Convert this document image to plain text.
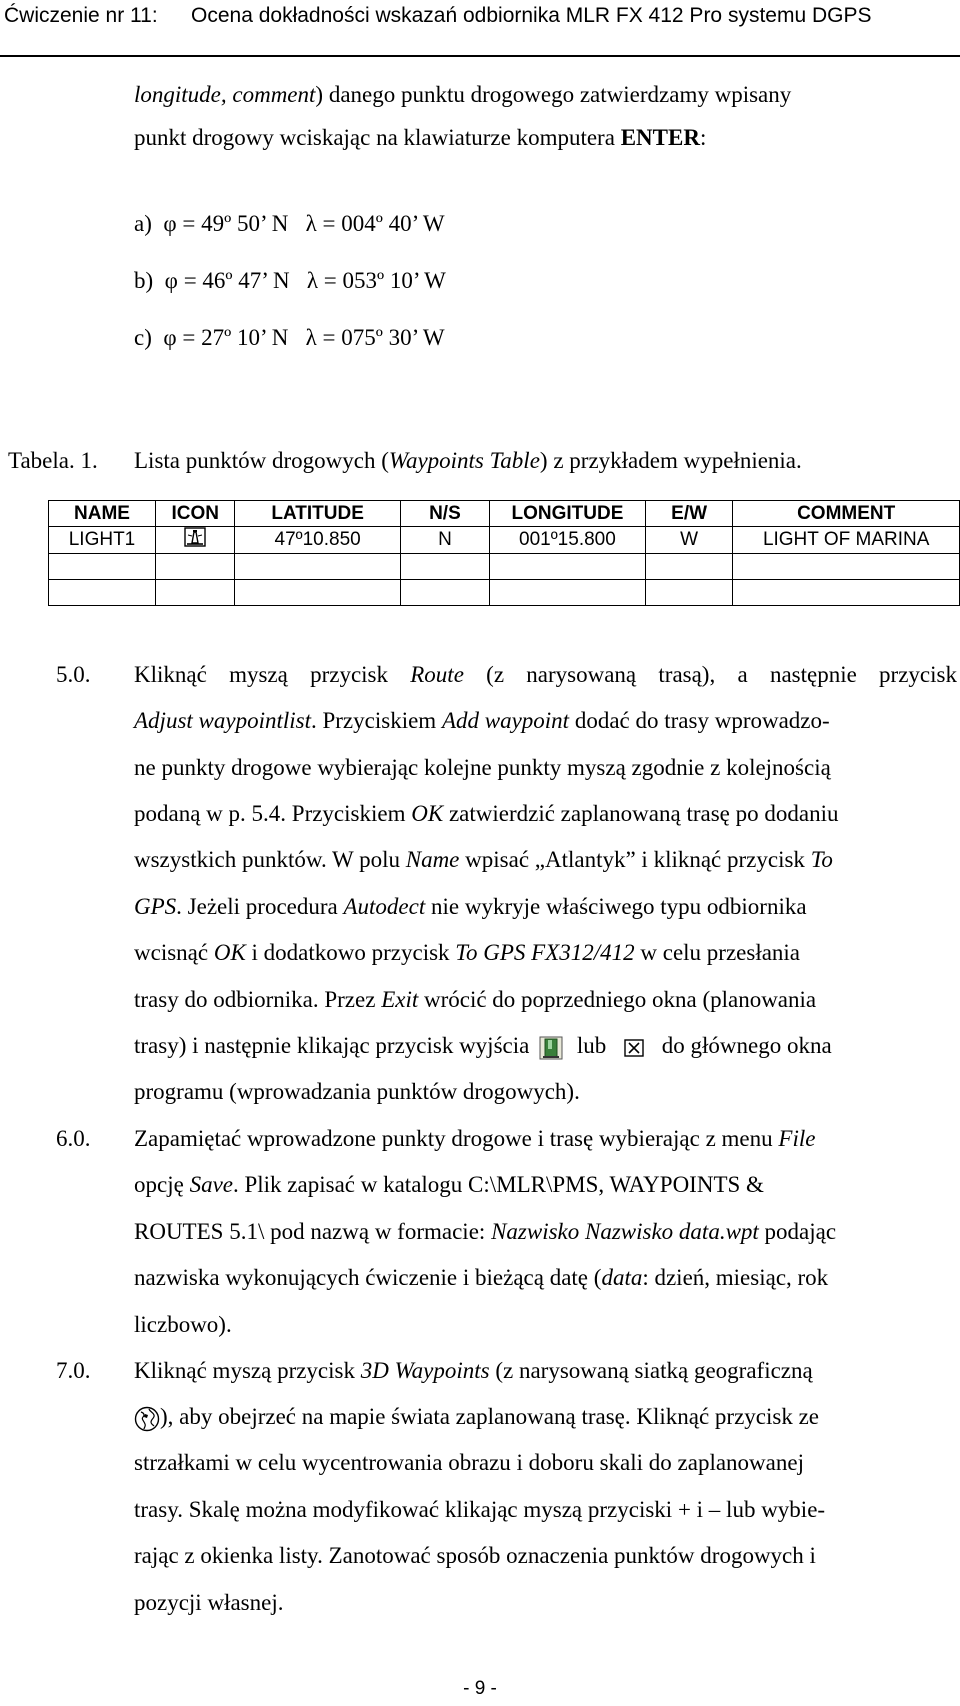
Ćwiczenie nr 11: Ocena dokładności wskazań odbiornika MLR FX 412 Pro systemu DGPS
longitude, comment) danego punktu drogowego zatwierdzamy wpisany
punkt drogowy wciskając na klawiaturze komputera ENTER:
a) φ = 49º 50’ N λ = 004º 40’ W
b) φ = 46º 47’ N λ = 053º 10’ W
c) φ = 27º 10’ N λ = 075º 30’ W
Tabela. 1. Lista punktów drogowych (Waypoints Table) z przykładem wypełnienia.
NAME	ICON	LATITUDE	N/S	LONGITUDE	E/W	COMMENT
LIGHT1		47º10.850	N	001º15.800	W	LIGHT OF MARINA

5.0. Kliknąć myszą przycisk Route (z narysowaną trasą), a następnie przycisk
Adjust waypointlist. Przyciskiem Add waypoint dodać do trasy wprowadzo-
ne punkty drogowe wybierając kolejne punkty myszą zgodnie z kolejnością
podaną w p. 5.4. Przyciskiem OK zatwierdzić zaplanowaną trasę po dodaniu
wszystkich punktów. W polu Name wpisać „Atlantyk” i kliknąć przycisk To
GPS. Jeżeli procedura Autodect nie wykryje właściwego typu odbiornika
wcisnąć OK i dodatkowo przycisk To GPS FX312/412 w celu przesłania
trasy do odbiornika. Przez Exit wrócić do poprzedniego okna (planowania
trasy) i następnie klikając przycisk wyjścia lub do głównego okna
programu (wprowadzania punktów drogowych).
6.0. Zapamiętać wprowadzone punkty drogowe i trasę wybierając z menu File
opcję Save. Plik zapisać w katalogu C:\MLR\PMS, WAYPOINTS &
ROUTES 5.1\ pod nazwą w formacie: Nazwisko Nazwisko data.wpt podając
nazwiska wykonujących ćwiczenie i bieżącą datę (data: dzień, miesiąc, rok
liczbowo).
7.0. Kliknąć myszą przycisk 3D Waypoints (z narysowaną siatką geograficzną
), aby obejrzeć na mapie świata zaplanowaną trasę. Kliknąć przycisk ze
strzałkami w celu wycentrowania obrazu i doboru skali do zaplanowanej
trasy. Skalę można modyfikować klikając myszą przyciski + i – lub wybie-
rając z okienka listy. Zanotować sposób oznaczenia punktów drogowych i
pozycji własnej.
- 9 -
